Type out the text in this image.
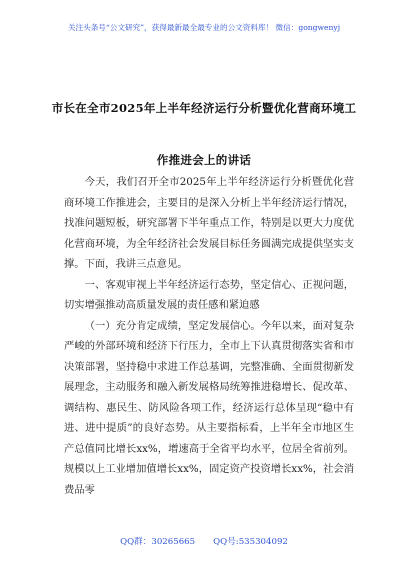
关注头条号“公文研究”，获得最新最全最专业的公文资料库！ 微信：gongwenyj
市长在全市2025年上半年经济运行分析暨优化营商环境工
作推进会上的讲话

今天，我们召开全市2025年上半年经济运行分析暨优化营商环境工作推进会，主要目的是深入分析上半年经济运行情况，找准问题短板，研究部署下半年重点工作，特别是以更大力度优化营商环境，为全年经济社会发展目标任务圆满完成提供坚实支撑。下面，我讲三点意见。

一、客观审视上半年经济运行态势，坚定信心、正视问题，切实增强推动高质量发展的责任感和紧迫感

（一）充分肯定成绩，坚定发展信心。今年以来，面对复杂严峻的外部环境和经济下行压力，全市上下认真贯彻落实省和市决策部署，坚持稳中求进工作总基调，完整准确、全面贯彻新发展理念，主动服务和融入新发展格局统筹推进稳增长、促改革、调结构、惠民生、防风险各项工作，经济运行总体呈现“稳中有进、进中提质”的良好态势。从主要指标看，上半年全市地区生产总值同比增长xx%，增速高于全省平均水平，位居全省前列。规模以上工业增加值增长xx%，固定资产投资增长xx%，社会消费品零

QQ群：30265665 QQ号:535304092
